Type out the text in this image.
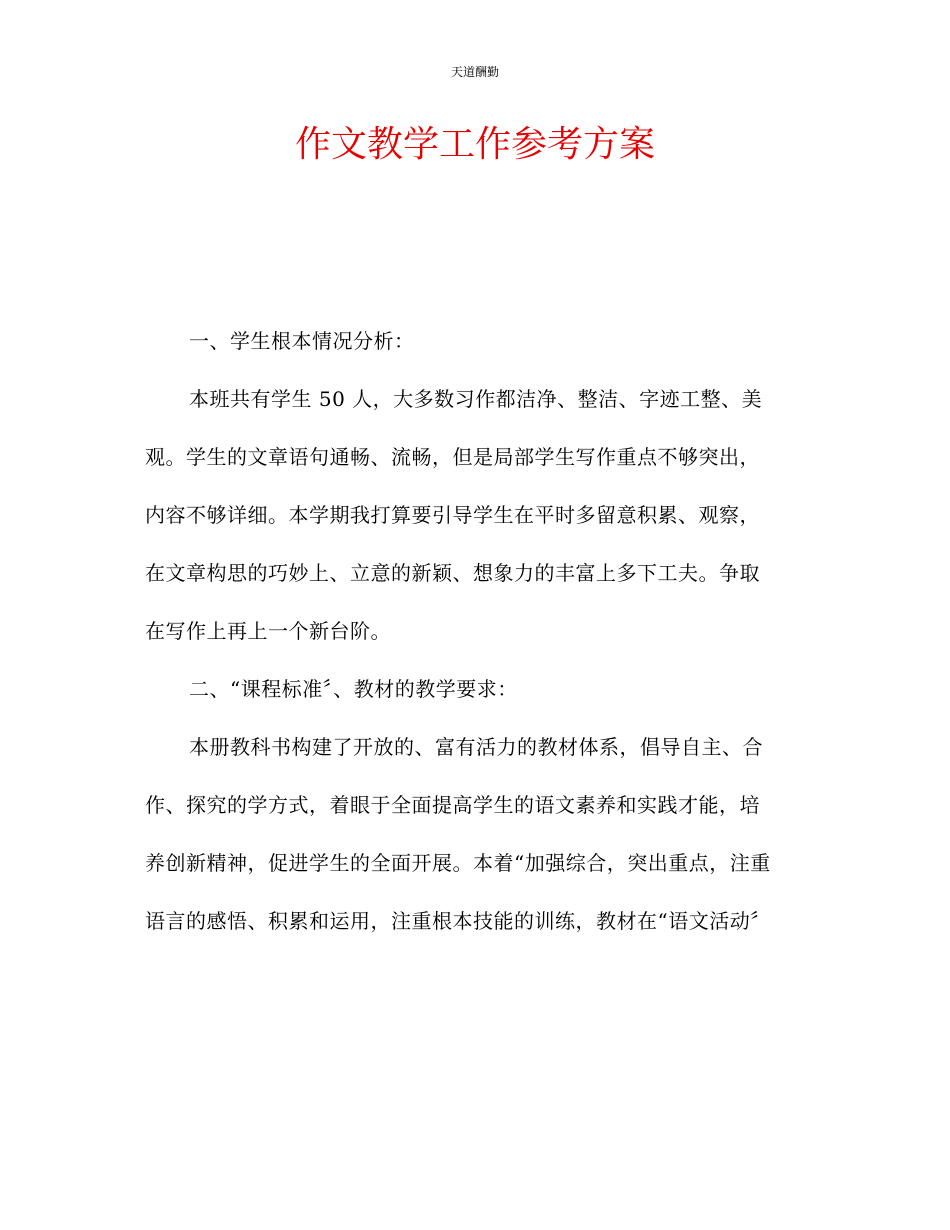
天道酬勤
作文教学工作参考方案
一、学生根本情况分析：
本班共有学生 50 人，大多数习作都洁净、整洁、字迹工整、美
观。学生的文章语句通畅、流畅，但是局部学生写作重点不够突出，
内容不够详细。本学期我打算要引导学生在平时多留意积累、观察，
在文章构思的巧妙上、立意的新颖、想象力的丰富上多下工夫。争取
在写作上再上一个新台阶。
二、“课程标准〞、教材的教学要求：
本册教科书构建了开放的、富有活力的教材体系，倡导自主、合
作、探究的学方式，着眼于全面提高学生的语文素养和实践才能，培
养创新精神，促进学生的全面开展。本着“加强综合，突出重点，注重
语言的感悟、积累和运用，注重根本技能的训练，教材在“语文活动〞
